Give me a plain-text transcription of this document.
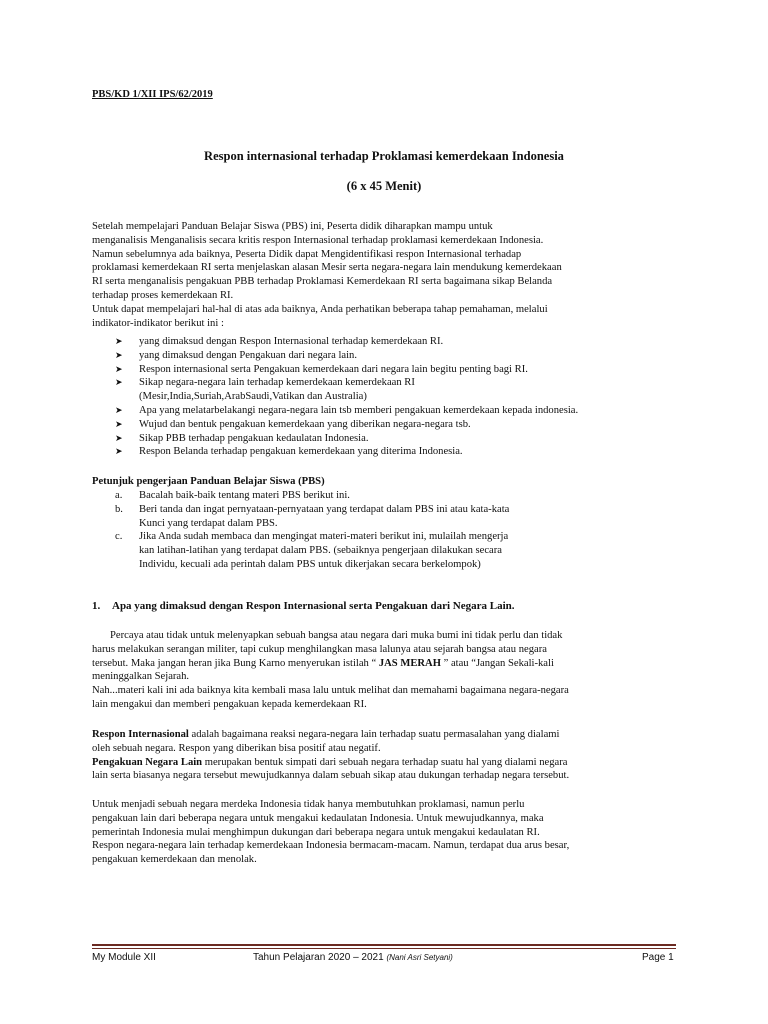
PBS/KD 1/XII IPS/62/2019
Respon internasional terhadap Proklamasi kemerdekaan Indonesia
(6 x 45 Menit)
Setelah mempelajari Panduan Belajar Siswa (PBS) ini, Peserta didik diharapkan mampu untuk
menganalisis Menganalisis secara kritis respon Internasional terhadap proklamasi kemerdekaan Indonesia.
Namun sebelumnya ada baiknya, Peserta Didik dapat Mengidentifikasi respon Internasional terhadap
proklamasi kemerdekaan RI serta menjelaskan alasan Mesir serta negara-negara lain mendukung kemerdekaan
RI serta menganalisis pengakuan PBB terhadap Proklamasi Kemerdekaan RI serta bagaimana sikap Belanda
terhadap proses kemerdekaan RI.
Untuk dapat mempelajari hal-hal di atas ada baiknya, Anda perhatikan beberapa tahap pemahaman, melalui
indikator-indikator berikut ini :
➤ yang dimaksud dengan Respon Internasional terhadap kemerdekaan RI.
➤ yang dimaksud dengan Pengakuan dari negara lain.
➤ Respon internasional serta Pengakuan kemerdekaan dari negara lain begitu penting bagi RI.
➤ Sikap negara-negara lain terhadap kemerdekaan kemerdekaan RI
(Mesir,India,Suriah,ArabSaudi,Vatikan dan Australia)
➤ Apa yang melatarbelakangi negara-negara lain tsb memberi pengakuan kemerdekaan kepada indonesia.
➤ Wujud dan bentuk pengakuan kemerdekaan yang diberikan negara-negara tsb.
➤ Sikap PBB terhadap pengakuan kedaulatan Indonesia.
➤ Respon Belanda terhadap pengakuan kemerdekaan yang diterima Indonesia.
Petunjuk pengerjaan Panduan Belajar Siswa (PBS)
a. Bacalah baik-baik tentang materi PBS berikut ini.
b. Beri tanda dan ingat pernyataan-pernyataan yang terdapat dalam PBS ini atau kata-kata
Kunci yang terdapat dalam PBS.
c. Jika Anda sudah membaca dan mengingat materi-materi berikut ini, mulailah mengerja
kan latihan-latihan yang terdapat dalam PBS. (sebaiknya pengerjaan dilakukan secara
Individu, kecuali ada perintah dalam PBS untuk dikerjakan secara berkelompok)
1. Apa yang dimaksud dengan Respon Internasional serta Pengakuan dari Negara Lain.
Percaya atau tidak untuk melenyapkan sebuah bangsa atau negara dari muka bumi ini tidak perlu dan tidak
harus melakukan serangan militer, tapi cukup menghilangkan masa lalunya atau sejarah bangsa atau negara
tersebut. Maka jangan heran jika Bung Karno menyerukan istilah “ JAS MERAH ” atau “Jangan Sekali-kali
meninggalkan Sejarah.
Nah...materi kali ini ada baiknya kita kembali masa lalu untuk melihat dan memahami bagaimana negara-negara
lain mengakui dan memberi pengakuan kepada kemerdekaan RI.
Respon Internasional adalah bagaimana reaksi negara-negara lain terhadap suatu permasalahan yang dialami
oleh sebuah negara. Respon yang diberikan bisa positif atau negatif.
Pengakuan Negara Lain merupakan bentuk simpati dari sebuah negara terhadap suatu hal yang dialami negara
lain serta biasanya negara tersebut mewujudkannya dalam sebuah sikap atau dukungan terhadap negara tersebut.
Untuk menjadi sebuah negara merdeka Indonesia tidak hanya membutuhkan proklamasi, namun perlu
pengakuan lain dari beberapa negara untuk mengakui kedaulatan Indonesia. Untuk mewujudkannya, maka
pemerintah Indonesia mulai menghimpun dukungan dari beberapa negara untuk mengakui kedaulatan RI.
Respon negara-negara lain terhadap kemerdekaan Indonesia bermacam-macam. Namun, terdapat dua arus besar,
pengakuan kemerdekaan dan menolak.
My Module XII	Tahun Pelajaran 2020 – 2021 (Nani Asri Setyani)	Page 1
